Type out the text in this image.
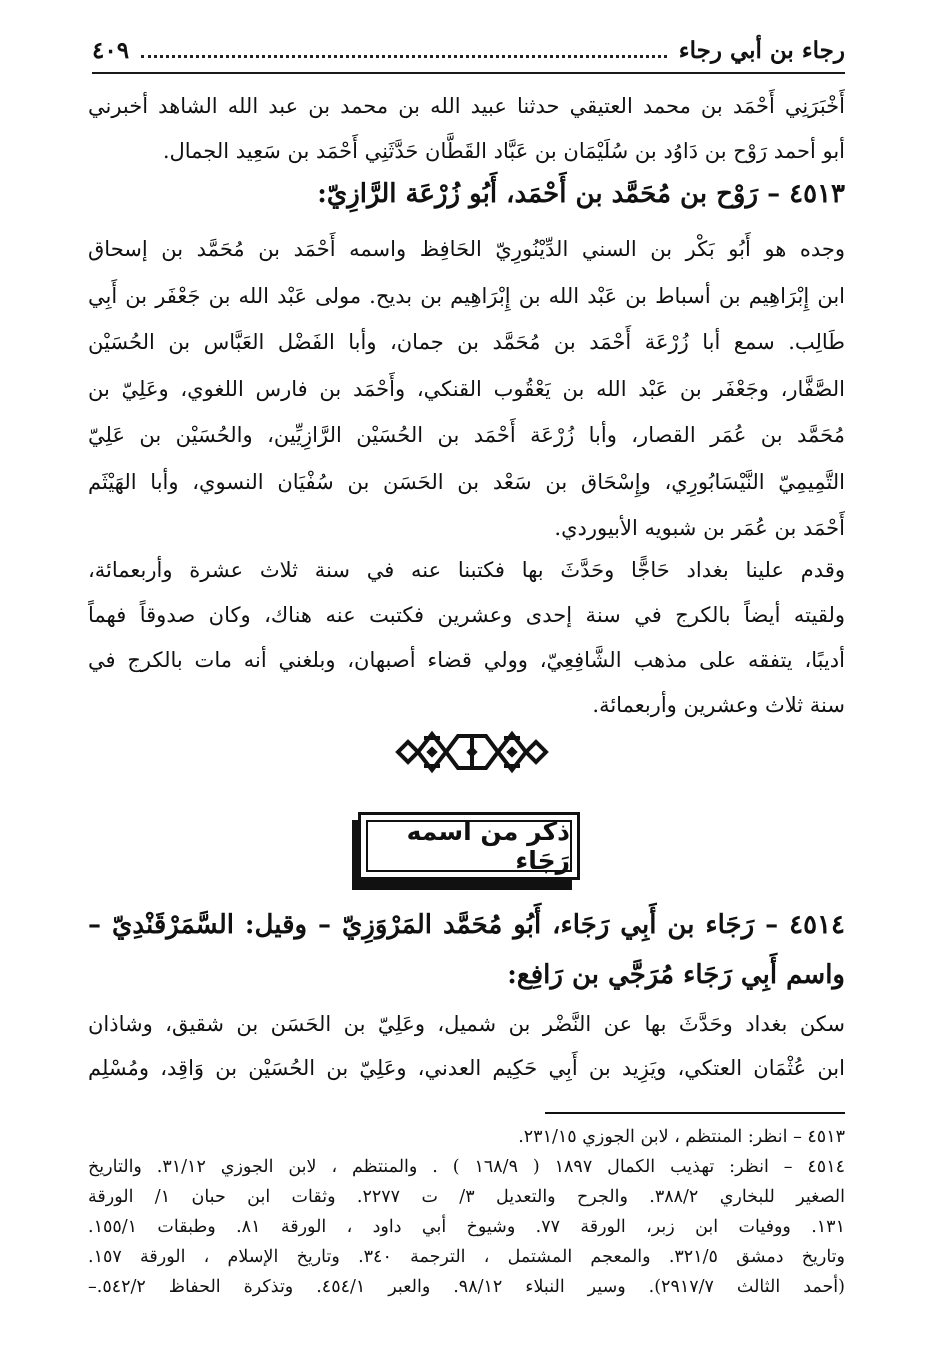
رجاء بن أبي رجاء
٤٠٩
أَخْبَرَنِي أَحْمَد بن محمد العتيقي حدثنا عبيد الله بن محمد بن عبد الله الشاهد أخبرني
أبو أحمد رَوْح بن دَاوُد بن سُلَيْمَان بن عَبَّاد القَطَّان حَدَّثَنِي أَحْمَد بن سَعِيد الجمال.
٤٥١٣ – رَوْح بن مُحَمَّد بن أَحْمَد، أَبُو زُرْعَة الرَّازِيّ:
وجده هو أَبُو بَكْر بن السني الدِّيْنُورِيّ الحَافِظ واسمه أَحْمَد بن مُحَمَّد بن إسحاق
ابن إِبْرَاهِيم بن أسباط بن عَبْد الله بن إِبْرَاهِيم بن بديح. مولى عَبْد الله بن جَعْفَر بن أَبِي
طَالِب. سمع أبا زُرْعَة أَحْمَد بن مُحَمَّد بن جمان، وأبا الفَضْل العَبَّاس بن الحُسَيْن
الصَّفَّار، وجَعْفَر بن عَبْد الله بن يَعْقُوب القنكي، وأَحْمَد بن فارس اللغوي، وعَلِيّ بن
مُحَمَّد بن عُمَر القصار، وأبا زُرْعَة أَحْمَد بن الحُسَيْن الرَّازِيِّين، والحُسَيْن بن عَلِيّ
التَّمِيمِيّ النَّيْسَابُورِي، وإِسْحَاق بن سَعْد بن الحَسَن بن سُفْيَان النسوي، وأبا الهَيْثَم
أَحْمَد بن عُمَر بن شبويه الأبيوردي.
وقدم علينا بغداد حَاجًّا وحَدَّثَ بها فكتبنا عنه في سنة ثلاث عشرة وأربعمائة،
ولقيته أيضاً بالكرج في سنة إحدى وعشرين فكتبت عنه هناك، وكان صدوقاً فهماً
أديبًا، يتفقه على مذهب الشَّافِعِيّ، وولي قضاء أصبهان، وبلغني أنه مات بالكرج في
سنة ثلاث وعشرين وأربعمائة.
ذكر من اسمه رَجَاء
٤٥١٤ – رَجَاء بن أَبِي رَجَاء، أَبُو مُحَمَّد المَرْوَزِيّ – وقيل: السَّمَرْقَنْدِيّ –
واسم أَبِي رَجَاء مُرَجَّي بن رَافِع:
سكن بغداد وحَدَّثَ بها عن النَّضْر بن شميل، وعَلِيّ بن الحَسَن بن شقيق، وشاذان
ابن عُثْمَان العتكي، ويَزِيد بن أَبِي حَكِيم العدني، وعَلِيّ بن الحُسَيْن بن وَاقِد، ومُسْلِم
٤٥١٣ – انظر: المنتظم ، لابن الجوزي ٢٣١/١٥.
٤٥١٤ – انظر: تهذيب الكمال ١٨٩٧ ( ١٦٨/٩ ) . والمنتظم ، لابن الجوزي ٣١/١٢. والتاريخ
الصغير للبخاري ٣٨٨/٢. والجرح والتعديل ٣/ ت ٢٢٧٧. وثقات ابن حبان ١/ الورقة
١٣١. ووفيات ابن زبر، الورقة ٧٧. وشيوخ أبي داود ، الورقة ٨١. وطبقات ١٥٥/١.
وتاريخ دمشق ٣٢١/٥. والمعجم المشتمل ، الترجمة ٣٤٠. وتاريخ الإسلام ، الورقة ١٥٧.
(أحمد الثالث ٢٩١٧/٧). وسير النبلاء ٩٨/١٢. والعبر ٤٥٤/١. وتذكرة الحفاظ ٥٤٢/٢.–
